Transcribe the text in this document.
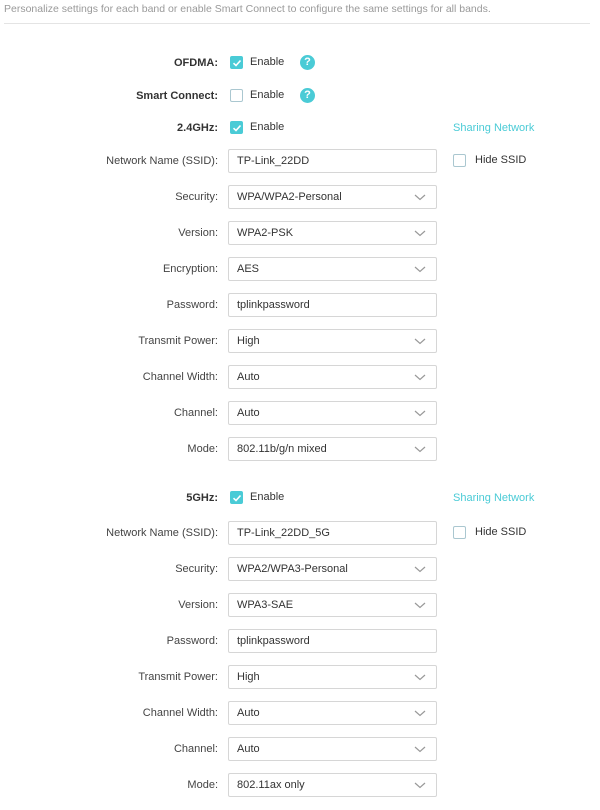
Personalize settings for each band or enable Smart Connect to configure the same settings for all bands.
OFDMA:	Enable	?
Smart Connect:	Enable	?
2.4GHz:	Enable	Sharing Network
Network Name (SSID): TP-Link_22DD	Hide SSID
Security: WPA/WPA2-Personal
Version: WPA2-PSK
Encryption: AES
Password: tplinkpassword
Transmit Power: High
Channel Width: Auto
Channel: Auto
Mode: 802.11b/g/n mixed
5GHz:	Enable	Sharing Network
Network Name (SSID): TP-Link_22DD_5G	Hide SSID
Security: WPA2/WPA3-Personal
Version: WPA3-SAE
Password: tplinkpassword
Transmit Power: High
Channel Width: Auto
Channel: Auto
Mode: 802.11ax only
